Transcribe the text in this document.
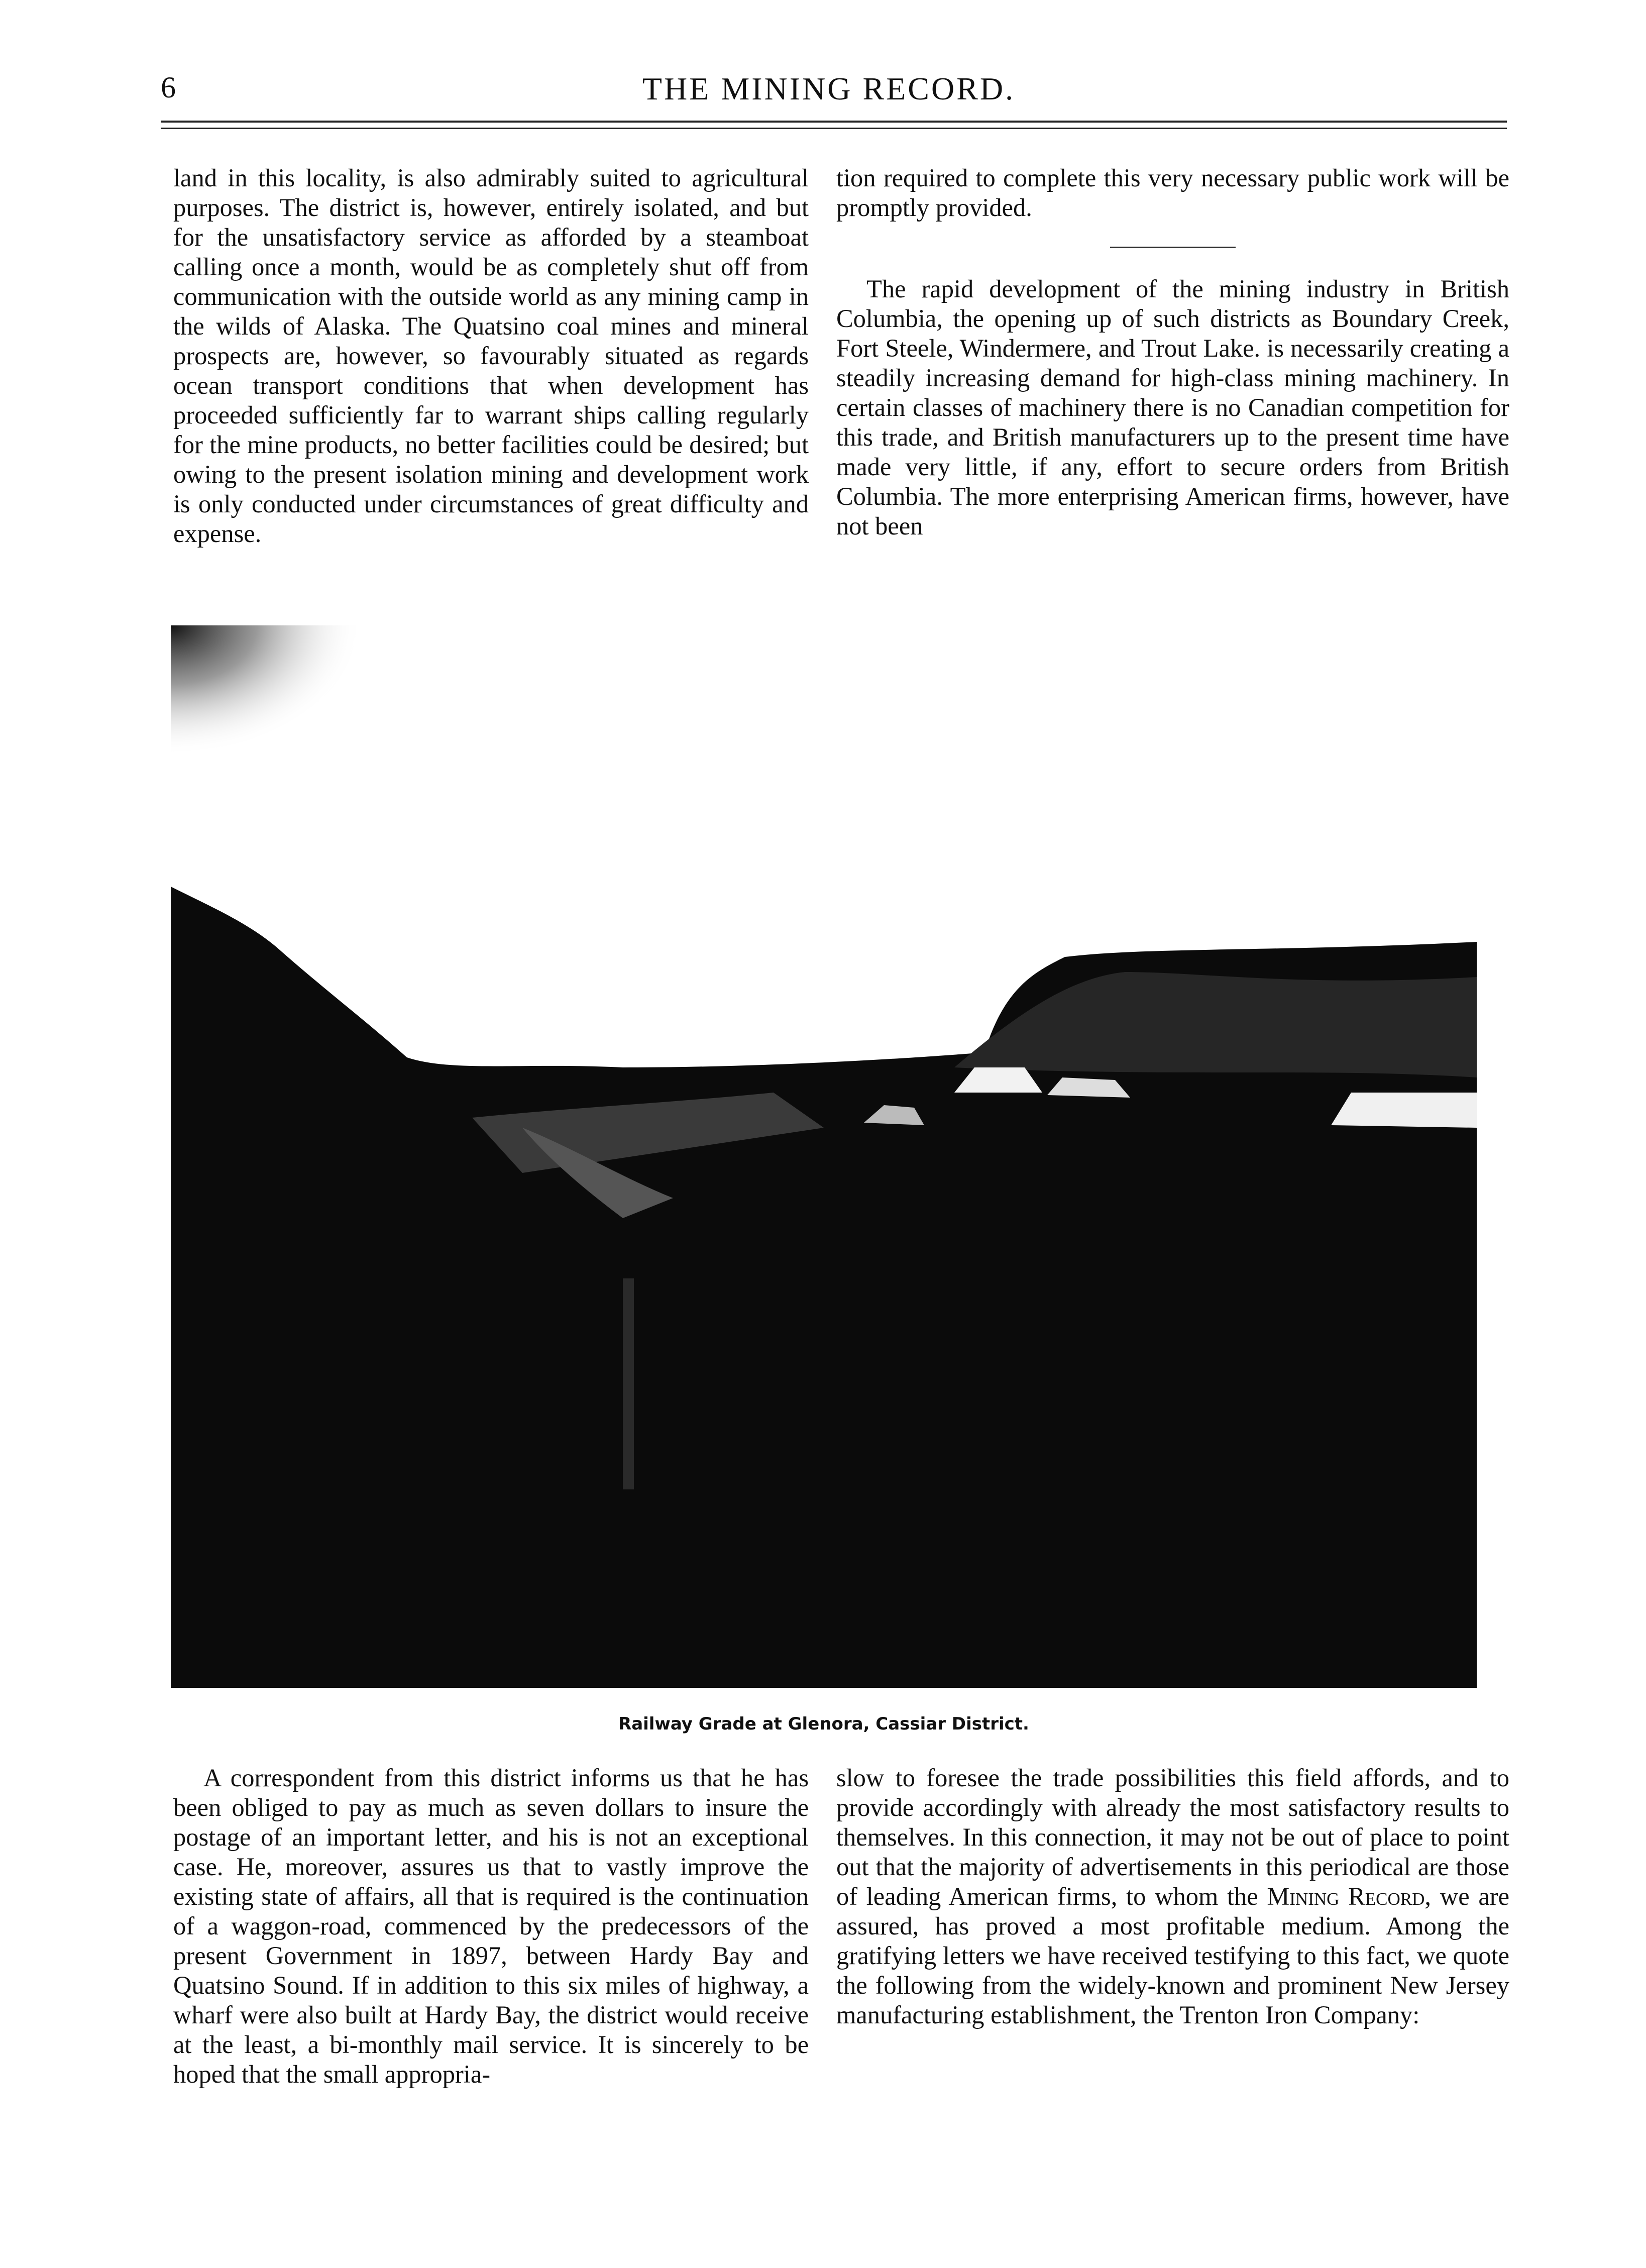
6	THE MINING RECORD.

land in this locality, is also admirably suited to agricultural purposes. The district is, however, entirely isolated, and but for the unsatisfactory service as afforded by a steamboat calling once a month, would be as completely shut off from communication with the outside world as any mining camp in the wilds of Alaska. The Quatsino coal mines and mineral prospects are, however, so favourably situated as regards ocean transport conditions that when development has proceeded sufficiently far to warrant ships calling regularly for the mine products, no better facilities could be desired; but owing to the present isolation mining and development work is only conducted under circumstances of great difficulty and expense.

tion required to complete this very necessary public work will be promptly provided.

The rapid development of the mining industry in British Columbia, the opening up of such districts as Boundary Creek, Fort Steele, Windermere, and Trout Lake. is necessarily creating a steadily increasing demand for high-class mining machinery. In certain classes of machinery there is no Canadian competition for this trade, and British manufacturers up to the present time have made very little, if any, effort to secure orders from British Columbia. The more enterprising American firms, however, have not been

Railway Grade at Glenora, Cassiar District.

A correspondent from this district informs us that he has been obliged to pay as much as seven dollars to insure the postage of an important letter, and his is not an exceptional case. He, moreover, assures us that to vastly improve the existing state of affairs, all that is required is the continuation of a waggon-road, commenced by the predecessors of the present Government in 1897, between Hardy Bay and Quatsino Sound. If in addition to this six miles of highway, a wharf were also built at Hardy Bay, the district would receive at the least, a bi-monthly mail service. It is sincerely to be hoped that the small appropria-

slow to foresee the trade possibilities this field affords, and to provide accordingly with already the most satisfactory results to themselves. In this connection, it may not be out of place to point out that the majority of advertisements in this periodical are those of leading American firms, to whom the Mining Record, we are assured, has proved a most profitable medium. Among the gratifying letters we have received testifying to this fact, we quote the following from the widely-known and prominent New Jersey manufacturing establishment, the Trenton Iron Company:
